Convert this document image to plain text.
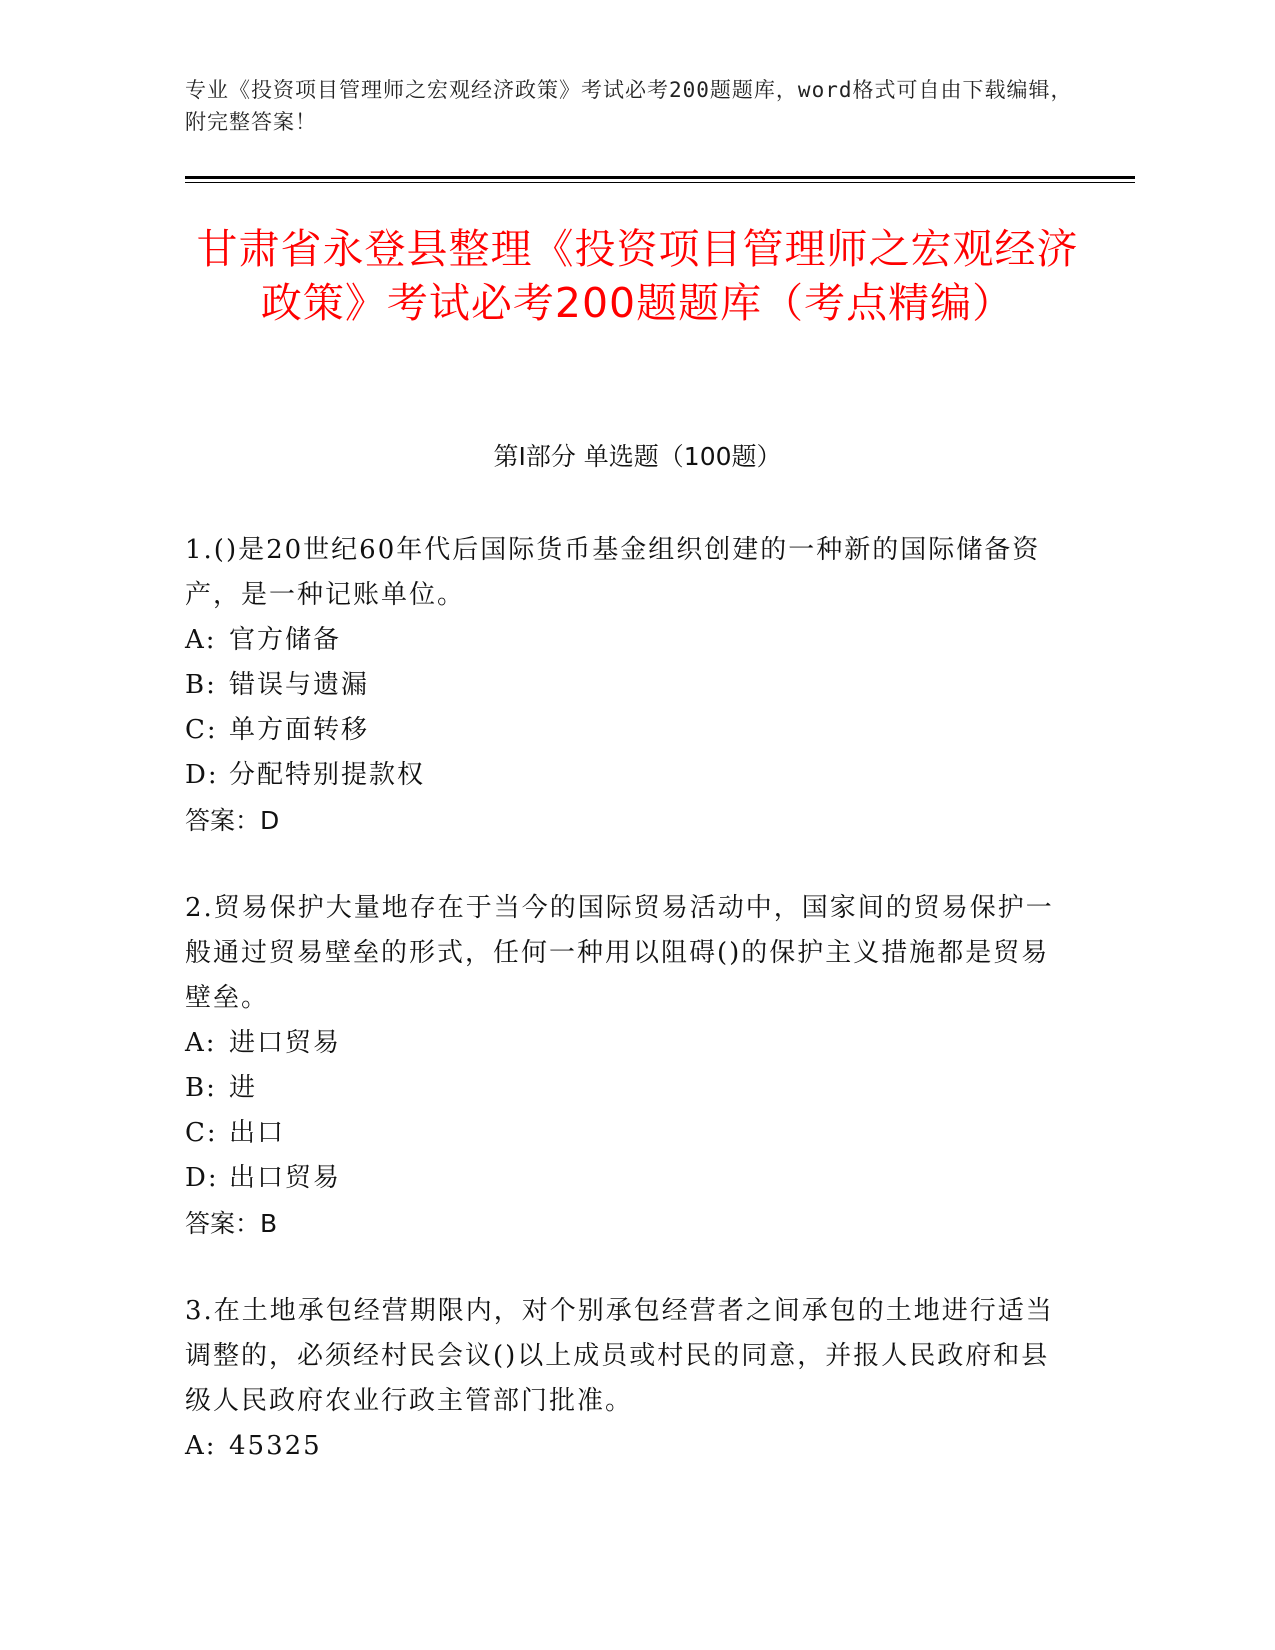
专业《投资项目管理师之宏观经济政策》考试必考200题题库，word格式可自由下载编辑，附完整答案！
甘肃省永登县整理《投资项目管理师之宏观经济政策》考试必考200题题库（考点精编）
第I部分 单选题（100题）

1.()是20世纪60年代后国际货币基金组织创建的一种新的国际储备资产，是一种记账单位。

A: 官方储备

B: 错误与遗漏

C: 单方面转移

D: 分配特别提款权

答案：D

2.贸易保护大量地存在于当今的国际贸易活动中，国家间的贸易保护一般通过贸易壁垒的形式，任何一种用以阻碍()的保护主义措施都是贸易壁垒。

A: 进口贸易

B: 进

C: 出口

D: 出口贸易

答案：B

3.在土地承包经营期限内，对个别承包经营者之间承包的土地进行适当调整的，必须经村民会议()以上成员或村民的同意，并报人民政府和县级人民政府农业行政主管部门批准。

A: 45325
